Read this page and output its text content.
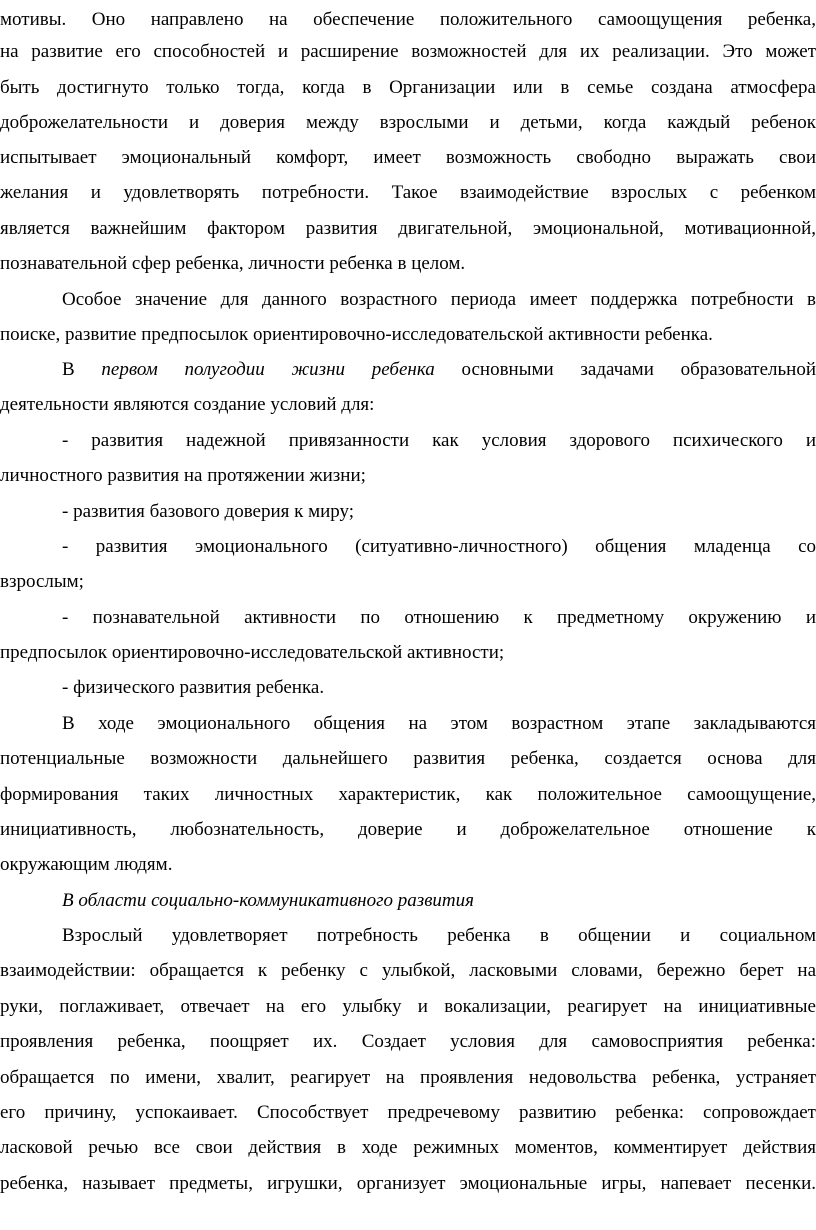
мотивы. Оно направлено на обеспечение положительного самоощущения ребенка,
на развитие его способностей и расширение возможностей для их реализации. Это может
быть достигнуто только тогда, когда в Организации или в семье создана атмосфера
доброжелательности и доверия между взрослыми и детьми, когда каждый ребенок
испытывает эмоциональный комфорт, имеет возможность свободно выражать свои
желания и удовлетворять потребности. Такое взаимодействие взрослых с ребенком
является важнейшим фактором развития двигательной, эмоциональной, мотивационной,
познавательной сфер ребенка, личности ребенка в целом.
Особое значение для данного возрастного периода имеет поддержка потребности в
поиске, развитие предпосылок ориентировочно-исследовательской активности ребенка.
В первом полугодии жизни ребенка основными задачами образовательной
деятельности являются создание условий для:
- развития надежной привязанности как условия здорового психического и
личностного развития на протяжении жизни;
- развития базового доверия к миру;
- развития эмоционального (ситуативно-личностного) общения младенца со
взрослым;
- познавательной активности по отношению к предметному окружению и
предпосылок ориентировочно-исследовательской активности;
- физического развития ребенка.
В ходе эмоционального общения на этом возрастном этапе закладываются
потенциальные возможности дальнейшего развития ребенка, создается основа для
формирования таких личностных характеристик, как положительное самоощущение,
инициативность, любознательность, доверие и доброжелательное отношение к
окружающим людям.
В области социально-коммуникативного развития
Взрослый удовлетворяет потребность ребенка в общении и социальном
взаимодействии: обращается к ребенку с улыбкой, ласковыми словами, бережно берет на
руки, поглаживает, отвечает на его улыбку и вокализации, реагирует на инициативные
проявления ребенка, поощряет их. Создает условия для самовосприятия ребенка:
обращается по имени, хвалит, реагирует на проявления недовольства ребенка, устраняет
его причину, успокаивает. Способствует предречевому развитию ребенка: сопровождает
ласковой речью все свои действия в ходе режимных моментов, комментирует действия
ребенка, называет предметы, игрушки, организует эмоциональные игры, напевает песенки.
